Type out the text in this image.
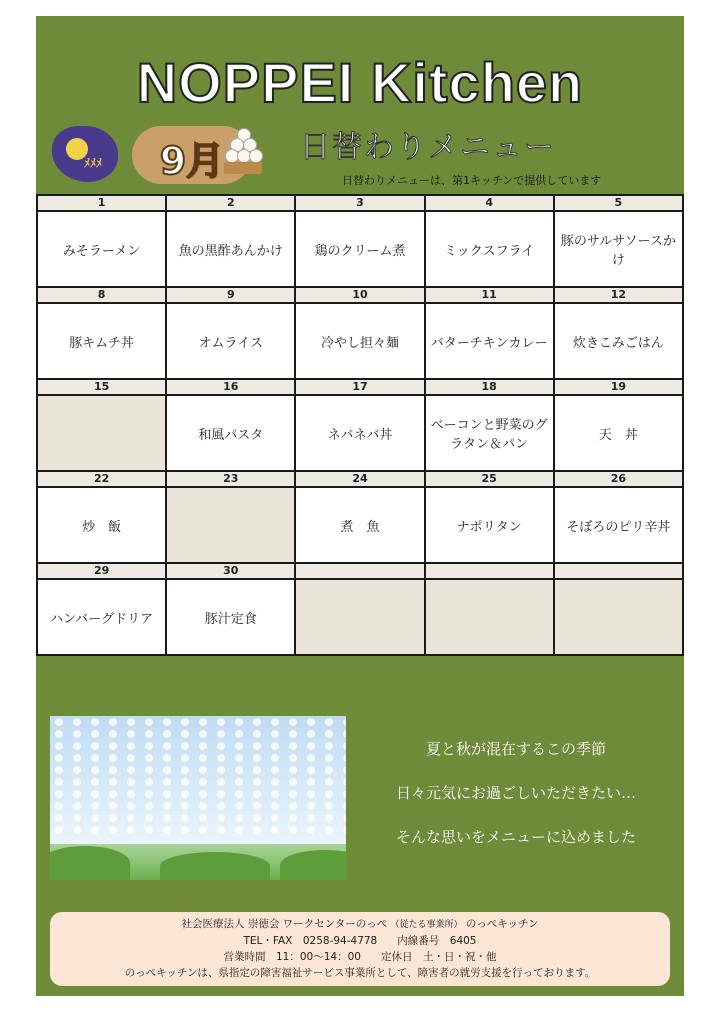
NOPPEI Kitchen
ﾒﾒﾒ	9月	日替わりメニュー
日替わりメニューは、第1キッチンで提供しています
1	2	3	4	5
みそラーメン	魚の黒酢あんかけ	鶏のクリーム煮	ミックスフライ	豚のサルサソースかけ
8	9	10	11	12
豚キムチ丼	オムライス	冷やし担々麺	バターチキンカレー	炊きこみごはん
15	16	17	18	19
	和風パスタ	ネバネバ丼	ベーコンと野菜のグラタン＆パン	天　丼
22	23	24	25	26
炒　飯		煮　魚	ナポリタン	そぼろのピリ辛丼
29	30			
ハンバーグドリア	豚汁定食			
夏と秋が混在するこの季節
日々元気にお過ごしいただきたい…
そんな思いをメニューに込めました
社会医療法人 崇徳会 ワークセンターのっぺ （従たる事業所） のっぺキッチン
TEL・FAX　0258-94-4778 内線番号　6405
営業時間　11：00～14：00 定休日　土・日・祝・他
のっぺキッチンは、県指定の障害福祉サービス事業所として、障害者の就労支援を行っております。
